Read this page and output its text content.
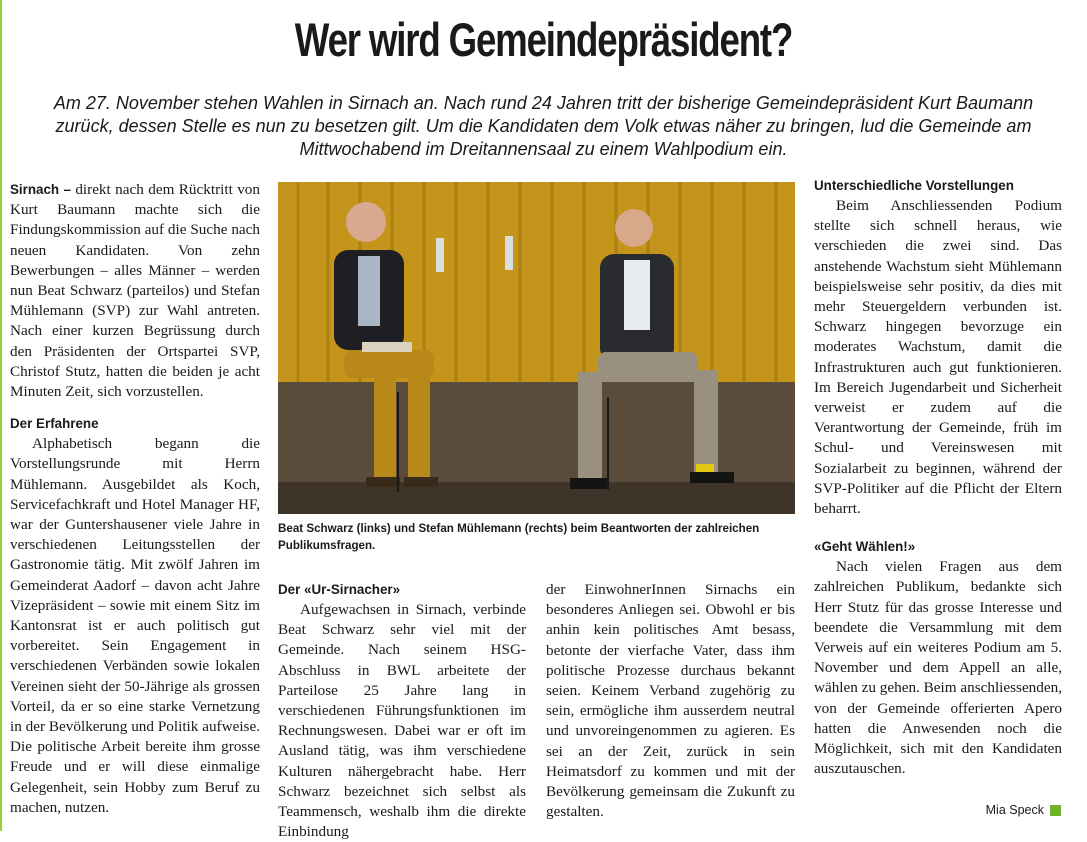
Wer wird Gemeindepräsident?
Am 27. November stehen Wahlen in Sirnach an. Nach rund 24 Jahren tritt der bisherige Gemeindepräsident Kurt Baumann zurück, dessen Stelle es nun zu besetzen gilt. Um die Kandidaten dem Volk etwas näher zu bringen, lud die Gemeinde am Mittwochabend im Dreitannensaal zu einem Wahlpodium ein.

Sirnach – direkt nach dem Rücktritt von Kurt Baumann machte sich die Findungskommission auf die Suche nach neuen Kandidaten. Von zehn Bewerbungen – alles Männer – werden nun Beat Schwarz (parteilos) und Stefan Mühlemann (SVP) zur Wahl antreten. Nach einer kurzen Begrüssung durch den Präsidenten der Ortspartei SVP, Christof Stutz, hatten die beiden je acht Minuten Zeit, sich vorzustellen.

Der Erfahrene

Alphabetisch begann die Vorstellungsrunde mit Herrn Mühlemann. Ausgebildet als Koch, Servicefachkraft und Hotel Manager HF, war der Guntershausener viele Jahre in verschiedenen Leitungsstellen der Gastronomie tätig. Mit zwölf Jahren im Gemeinderat Aadorf – davon acht Jahre Vizepräsident – sowie mit einem Sitz im Kantonsrat ist er auch politisch gut vorbereitet. Sein Engagement in verschiedenen Verbänden sowie lokalen Vereinen sieht der 50-Jährige als grossen Vorteil, da er so eine starke Vernetzung in der Bevölkerung und Politik aufweise. Die politische Arbeit bereite ihm grosse Freude und er will diese einmalige Gelegenheit, sein Hobby zum Beruf zu machen, nutzen.

Beat Schwarz (links) und Stefan Mühlemann (rechts) beim Beantworten der zahlreichen Publikumsfragen.
Der «Ur-Sirnacher»

Aufgewachsen in Sirnach, verbinde Beat Schwarz sehr viel mit der Gemeinde. Nach seinem HSG-Abschluss in BWL arbeitete der Parteilose 25 Jahre lang in verschiedenen Führungsfunktionen im Rechnungswesen. Dabei war er oft im Ausland tätig, was ihm verschiedene Kulturen nähergebracht habe. Herr Schwarz bezeichnet sich selbst als Teammensch, weshalb ihm die direkte Einbindung

der EinwohnerInnen Sirnachs ein besonderes Anliegen sei. Obwohl er bis anhin kein politisches Amt besass, betonte der vierfache Vater, dass ihm politische Prozesse durchaus bekannt seien. Keinem Verband zugehörig zu sein, ermögliche ihm ausserdem neutral und unvoreingenommen zu agieren. Es sei an der Zeit, zurück in sein Heimatsdorf zu kommen und mit der Bevölkerung gemeinsam die Zukunft zu gestalten.

Unterschiedliche Vorstellungen

Beim Anschliessenden Podium stellte sich schnell heraus, wie verschieden die zwei sind. Das anstehende Wachstum sieht Mühlemann beispielsweise sehr positiv, da dies mit mehr Steuergeldern verbunden ist. Schwarz hingegen bevorzuge ein moderates Wachstum, damit die Infrastrukturen auch gut funktionieren. Im Bereich Jugendarbeit und Sicherheit verweist er zudem auf die Verantwortung der Gemeinde, früh im Schul- und Vereinswesen mit Sozialarbeit zu beginnen, während der SVP-Politiker auf die Pflicht der Eltern beharrt.

«Geht Wählen!»

Nach vielen Fragen aus dem zahlreichen Publikum, bedankte sich Herr Stutz für das grosse Interesse und beendete die Versammlung mit dem Verweis auf ein weiteres Podium am 5. November und dem Appell an alle, wählen zu gehen. Beim anschliessenden, von der Gemeinde offerierten Apero hatten die Anwesenden noch die Möglichkeit, sich mit den Kandidaten auszutauschen.

Mia Speck
